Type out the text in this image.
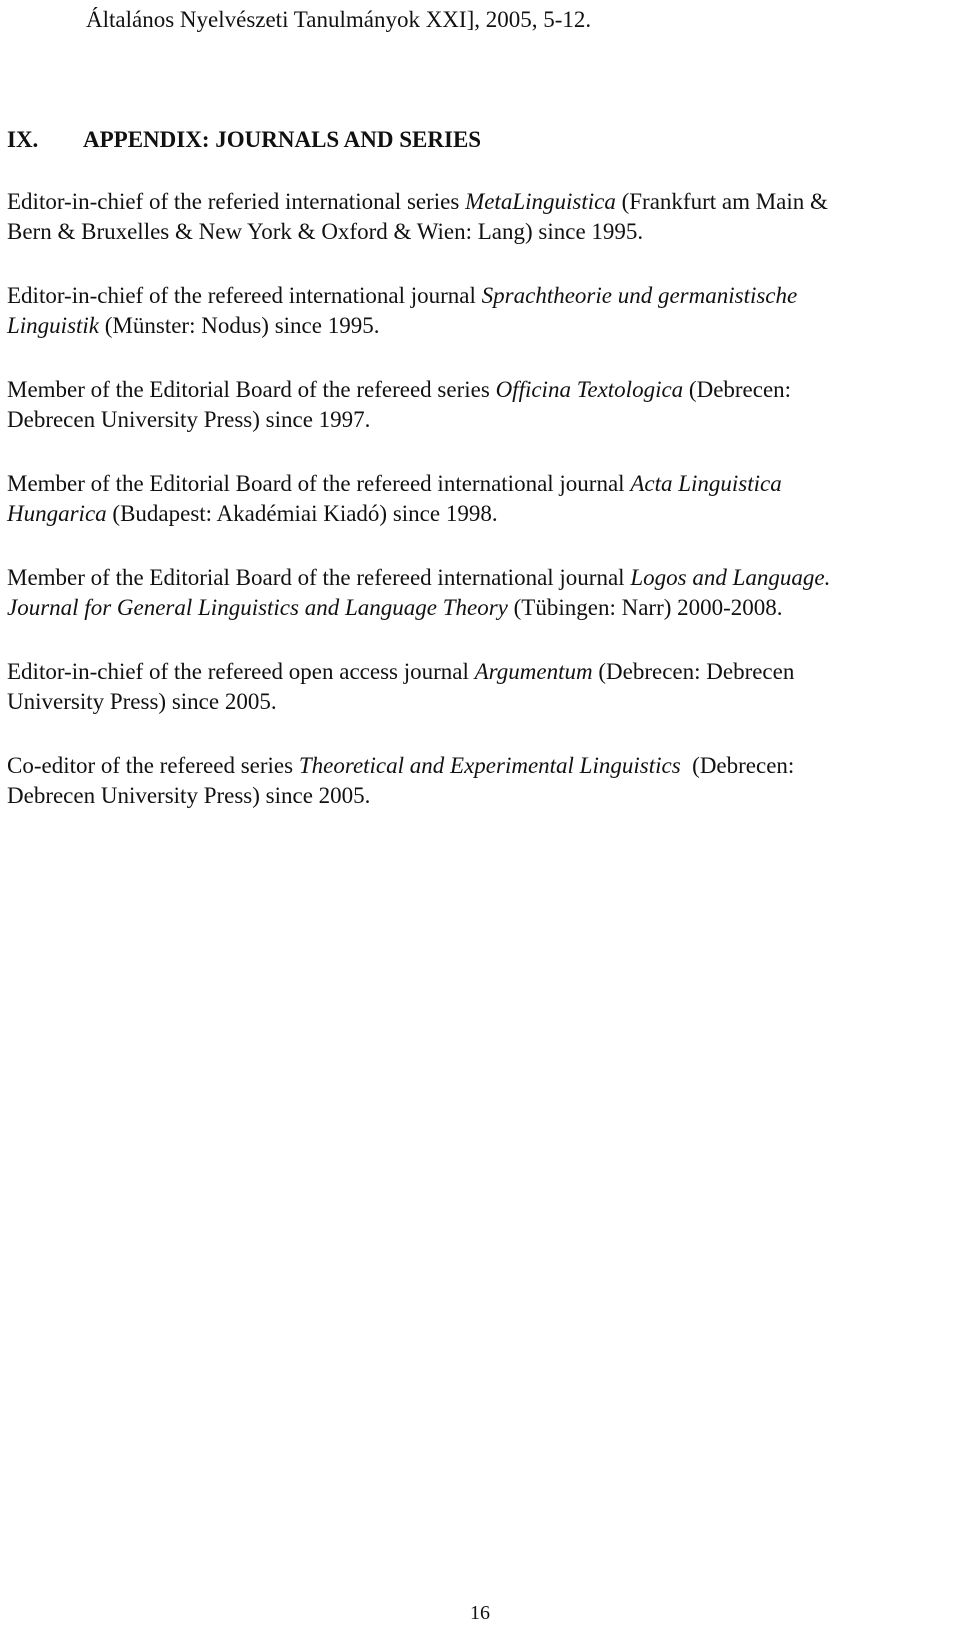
Általános Nyelvészeti Tanulmányok XXI], 2005, 5-12.
IX. APPENDIX: JOURNALS AND SERIES

Editor-in-chief of the referied international series MetaLinguistica (Frankfurt am Main &
Bern & Bruxelles & New York & Oxford & Wien: Lang) since 1995.

Editor-in-chief of the refereed international journal Sprachtheorie und germanistische
Linguistik (Münster: Nodus) since 1995.

Member of the Editorial Board of the refereed series Officina Textologica (Debrecen:
Debrecen University Press) since 1997.

Member of the Editorial Board of the refereed international journal Acta Linguistica
Hungarica (Budapest: Akadémiai Kiadó) since 1998.

Member of the Editorial Board of the refereed international journal Logos and Language.
Journal for General Linguistics and Language Theory (Tübingen: Narr) 2000-2008.

Editor-in-chief of the refereed open access journal Argumentum (Debrecen: Debrecen
University Press) since 2005.

Co-editor of the refereed series Theoretical and Experimental Linguistics  (Debrecen:
Debrecen University Press) since 2005.

16
